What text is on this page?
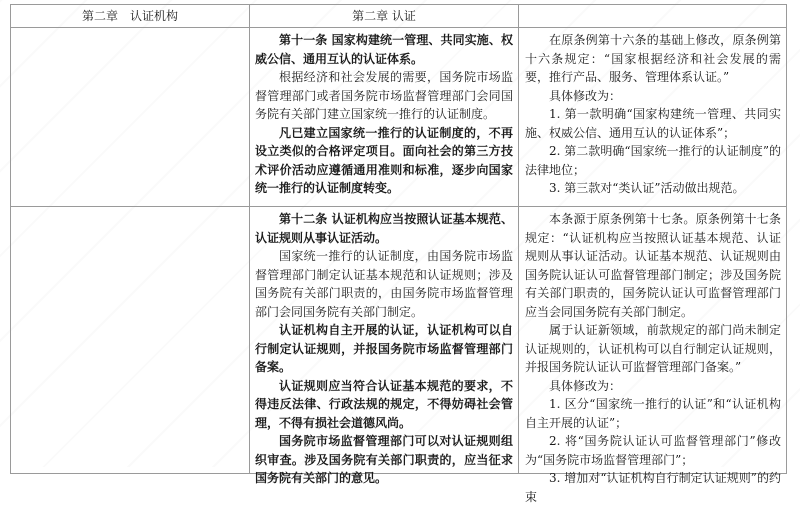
第二章　认证机构	第二章 认证

第十一条 国家构建统一管理、共同实施、权威公信、通用互认的认证体系。

根据经济和社会发展的需要，国务院市场监督管理部门或者国务院市场监督管理部门会同国务院有关部门建立国家统一推行的认证制度。

凡已建立国家统一推行的认证制度的，不再设立类似的合格评定项目。面向社会的第三方技术评价活动应遵循通用准则和标准，逐步向国家统一推行的认证制度转变。

在原条例第十六条的基础上修改，原条例第十六条规定：“国家根据经济和社会发展的需要，推行产品、服务、管理体系认证。”

具体修改为：

1. 第一款明确“国家构建统一管理、共同实施、权威公信、通用互认的认证体系”；

2. 第二款明确“国家统一推行的认证制度”的法律地位；

3. 第三款对“类认证”活动做出规范。

第十二条 认证机构应当按照认证基本规范、认证规则从事认证活动。

国家统一推行的认证制度，由国务院市场监督管理部门制定认证基本规范和认证规则；涉及国务院有关部门职责的，由国务院市场监督管理部门会同国务院有关部门制定。

认证机构自主开展的认证，认证机构可以自行制定认证规则，并报国务院市场监督管理部门备案。

认证规则应当符合认证基本规范的要求，不得违反法律、行政法规的规定，不得妨碍社会管理，不得有损社会道德风尚。

国务院市场监督管理部门可以对认证规则组织审查。涉及国务院有关部门职责的，应当征求国务院有关部门的意见。

本条源于原条例第十七条。原条例第十七条规定：“认证机构应当按照认证基本规范、认证规则从事认证活动。认证基本规范、认证规则由国务院认证认可监督管理部门制定；涉及国务院有关部门职责的，国务院认证认可监督管理部门应当会同国务院有关部门制定。

属于认证新领域，前款规定的部门尚未制定认证规则的，认证机构可以自行制定认证规则，并报国务院认证认可监督管理部门备案。”

具体修改为：

1. 区分“国家统一推行的认证”和“认证机构自主开展的认证”；

2. 将“国务院认证认可监督管理部门”修改为“国务院市场监督管理部门”；

3. 增加对“认证机构自行制定认证规则”的约束
